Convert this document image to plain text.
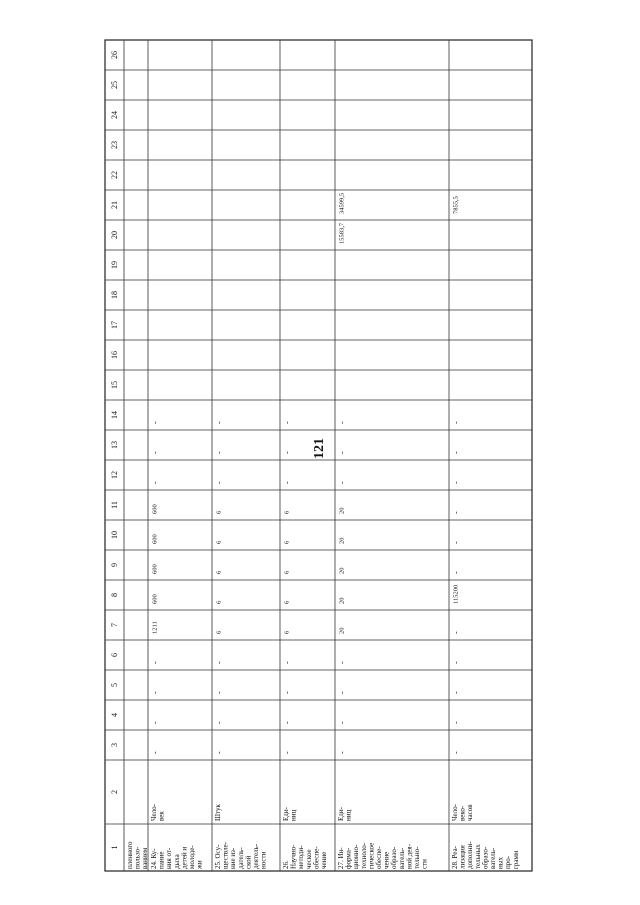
121
1
2
3
4
5
6
7
8
9
10
11
12
13
14
15
16
17
18
19
20
21
22
23
24
25
26
пленного пользо- ванием 24. Ку- пание ния от- дыха детей и молоде- жи
Чело- век
-
-
-
-
1211
600
600
600
600
-
-
-
25. Осу- ществле- ние из- датель- ской деятель- ности
Штук
-
-
-
-
6
6
6
6
6
-
-
-
26. Научно- методи- ческое обеспе- чение
Еди- ниц
-
-
-
-
6
6
6
6
6
-
-
-
27. Ин- форма- ционно- техноло- гическое обеспе- чение образо- ватель- ной дея- тельно- сти
Еди- ниц
-
-
-
-
20
20
20
20
20
-
-
-
15583,7
34599,5
28. Реа- лизация дополни- тельных образо- ватель- ных про- грамм
Чело- веко- часов
-
-
-
-
-
115200
-
-
-
-
-
-
7855,5
